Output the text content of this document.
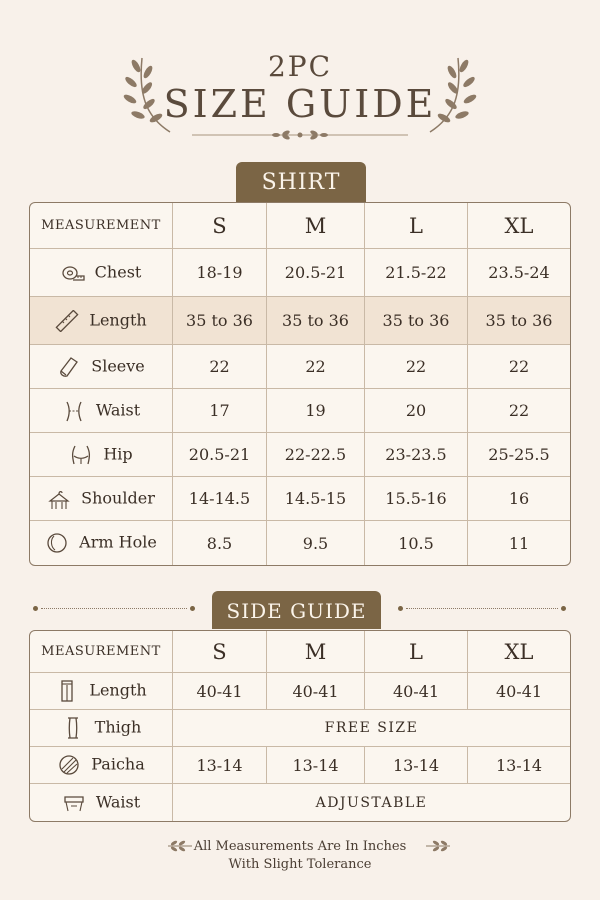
2PC
SIZE GUIDE
SHIRT
MEASUREMENT	S	M	L	XL

Chest	18-19	20.5-21	21.5-22	23.5-24

Length	35 to 36	35 to 36	35 to 36	35 to 36

Sleeve	22	22	22	22

Waist	17	19	20	22

Hip	20.5-21	22-22.5	23-23.5	25-25.5

Shoulder	14-14.5	14.5-15	15.5-16	16

Arm Hole	8.5	9.5	10.5	11
SIDE GUIDE
MEASUREMENT	S	M	L	XL

Length	40-41	40-41	40-41	40-41

Thigh	FREE SIZE			

Paicha	13-14	13-14	13-14	13-14

Waist	ADJUSTABLE			
All Measurements Are In Inches
With Slight Tolerance
